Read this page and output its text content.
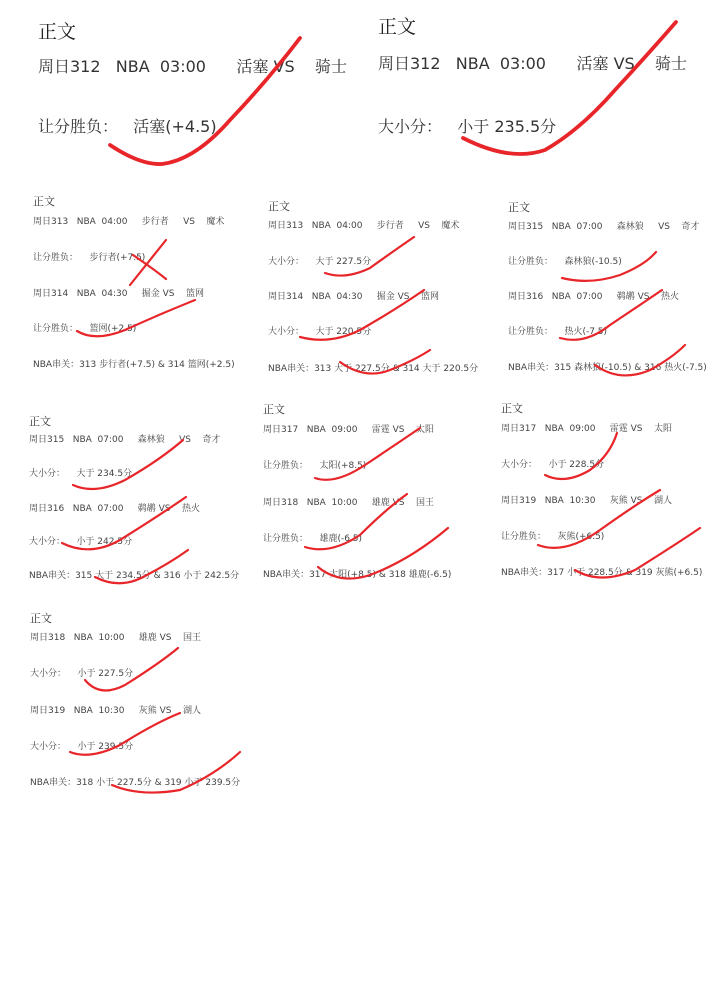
正文
周日312   NBA  03:00      活塞 VS    骑士
让分胜负：   活塞(+4.5)
正文
周日312   NBA  03:00      活塞 VS    骑士
大小分：   小于 235.5分
正文
周日313   NBA  04:00     步行者     VS    魔术
让分胜负：    步行者(+7.5)
周日314   NBA  04:30     掘金 VS    篮网
让分胜负：    篮网(+2.5)
NBA串关：313 步行者(+7.5) & 314 篮网(+2.5)
正文
周日313   NBA  04:00     步行者     VS    魔术
大小分：    大于 227.5分
周日314   NBA  04:30     掘金 VS    篮网
大小分：    大于 220.5分
NBA串关：313 大于 227.5分 & 314 大于 220.5分
正文
周日315   NBA  07:00     森林狼     VS    奇才
让分胜负：    森林狼(-10.5)
周日316   NBA  07:00     鹈鹕 VS    热火
让分胜负：    热火(-7.5)
NBA串关：315 森林狼(-10.5) & 316 热火(-7.5)
正文
周日315   NBA  07:00     森林狼     VS    奇才
大小分：    大于 234.5分
周日316   NBA  07:00     鹈鹕 VS    热火
大小分：    小于 242.5分
NBA串关：315 大于 234.5分 & 316 小于 242.5分
正文
周日317   NBA  09:00     雷霆 VS    太阳
让分胜负：    太阳(+8.5)
周日318   NBA  10:00     雄鹿 VS    国王
让分胜负：    雄鹿(-6.5)
NBA串关：317 太阳(+8.5) & 318 雄鹿(-6.5)
正文
周日317   NBA  09:00     雷霆 VS    太阳
大小分：    小于 228.5分
周日319   NBA  10:30     灰熊 VS    湖人
让分胜负：    灰熊(+6.5)
NBA串关：317 小于 228.5分 & 319 灰熊(+6.5)
正文
周日318   NBA  10:00     雄鹿 VS    国王
大小分：    小于 227.5分
周日319   NBA  10:30     灰熊 VS    湖人
大小分：    小于 239.5分
NBA串关：318 小于 227.5分 & 319 小于 239.5分
